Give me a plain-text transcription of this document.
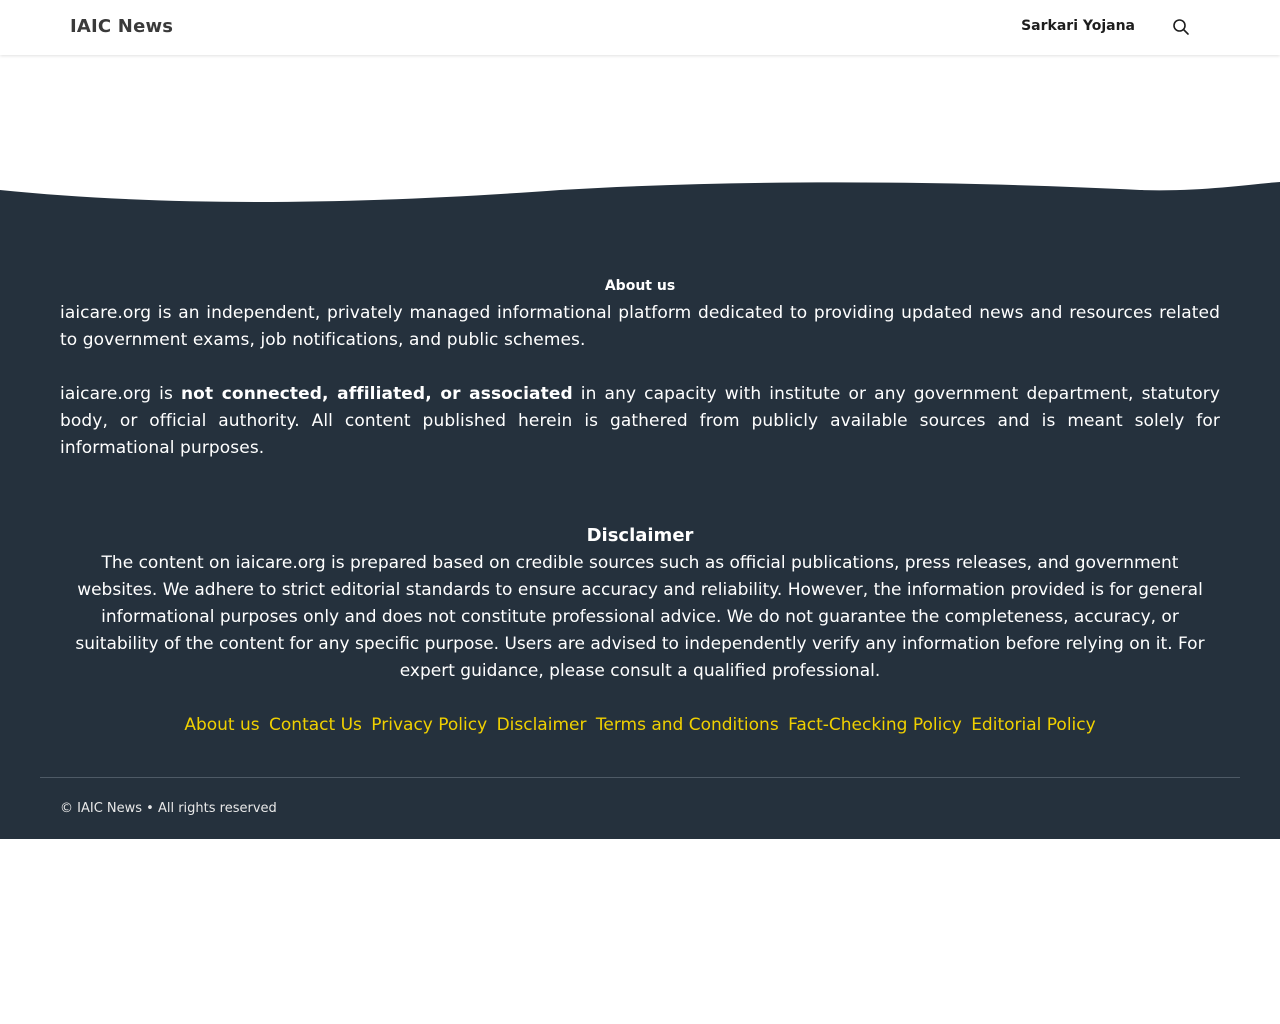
IAIC News	Sarkari Yojana
About us

iaicare.org is an independent, privately managed informational platform dedicated to providing updated news and resources related to government exams, job notifications, and public schemes.

iaicare.org is not connected, affiliated, or associated in any capacity with institute or any government department, statutory body, or official authority. All content published herein is gathered from publicly available sources and is meant solely for informational purposes.

Disclaimer

The content on iaicare.org is prepared based on credible sources such as official publications, press releases, and government websites. We adhere to strict editorial standards to ensure accuracy and reliability. However, the information provided is for general informational purposes only and does not constitute professional advice. We do not guarantee the completeness, accuracy, or suitability of the content for any specific purpose. Users are advised to independently verify any information before relying on it. For expert guidance, please consult a qualified professional.

About us Contact Us Privacy Policy Disclaimer Terms and Conditions Fact-Checking Policy Editorial Policy
© IAIC News • All rights reserved
